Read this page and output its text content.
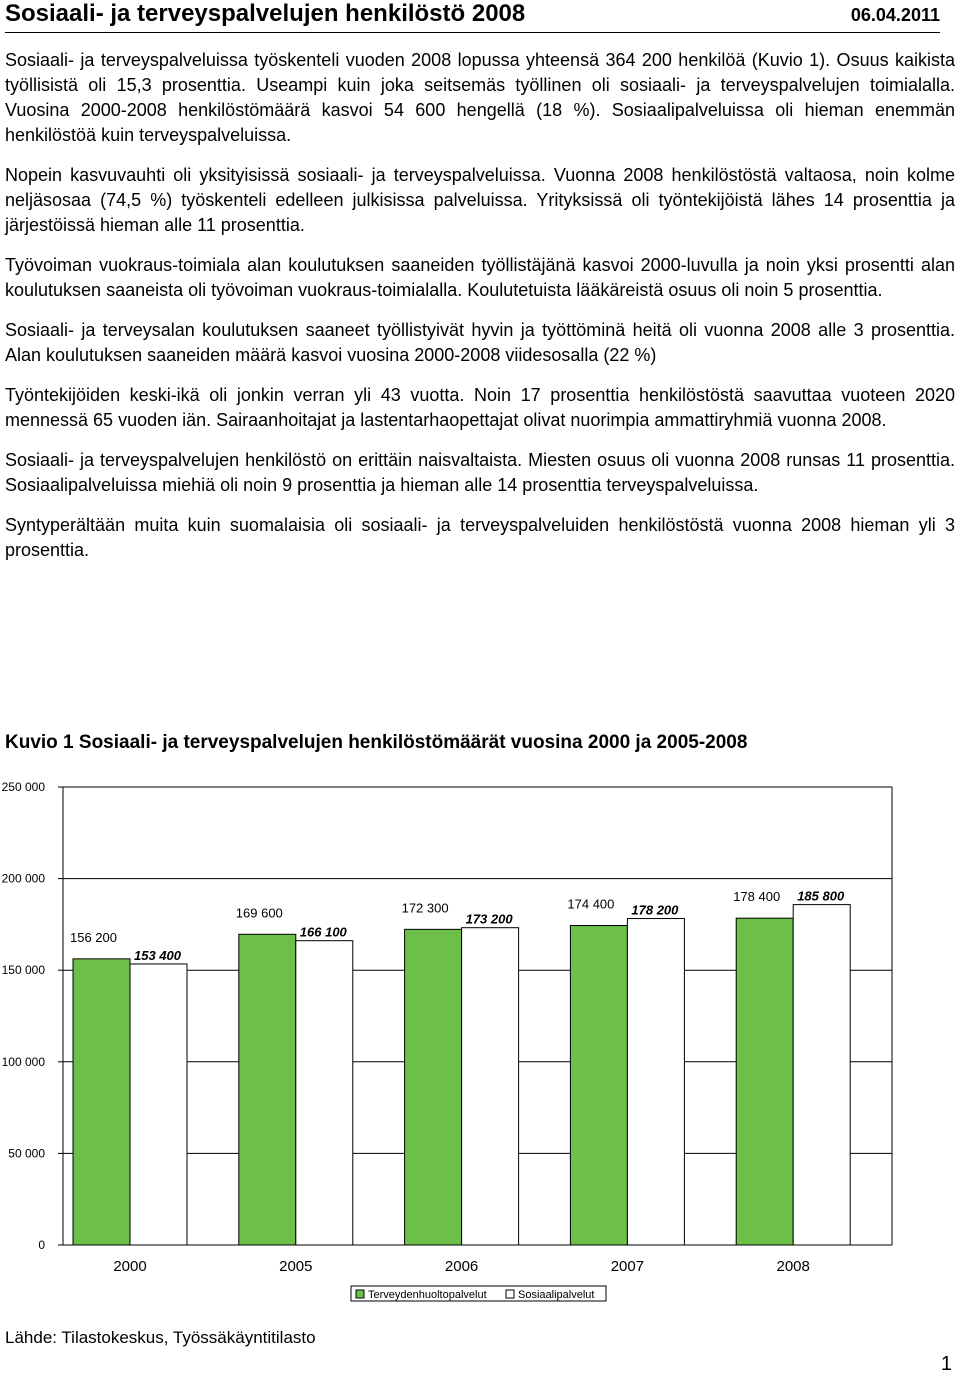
Sosiaali- ja terveyspalvelujen henkilöstö 2008	06.04.2011

Sosiaali- ja terveyspalveluissa työskenteli vuoden 2008 lopussa yhteensä 364 200 henkilöä (Kuvio 1). Osuus kaikista työllisistä oli 15,3 prosenttia. Useampi kuin joka seitsemäs työllinen oli sosiaali- ja terveyspalvelujen toimialalla. Vuosina 2000-2008 henkilöstömäärä kasvoi 54 600 hengellä (18 %). Sosiaalipalveluissa oli hieman enemmän henkilöstöä kuin terveyspalveluissa.

Nopein kasvuvauhti oli yksityisissä sosiaali- ja terveyspalveluissa. Vuonna 2008 henkilöstöstä valtaosa, noin kolme neljäsosaa (74,5 %) työskenteli edelleen julkisissa palveluissa. Yrityksissä oli työntekijöistä lähes 14 prosenttia ja järjestöissä hieman alle 11 prosenttia.

Työvoiman vuokraus-toimiala alan koulutuksen saaneiden työllistäjänä kasvoi 2000-luvulla ja noin yksi prosentti alan koulutuksen saaneista oli työvoiman vuokraus-toimialalla. Koulutetuista lääkäreistä osuus oli noin 5 prosenttia.

Sosiaali- ja terveysalan koulutuksen saaneet työllistyivät hyvin ja työttöminä heitä oli vuonna 2008 alle 3 prosenttia. Alan koulutuksen saaneiden määrä kasvoi vuosina 2000-2008 viidesosalla (22 %)

Työntekijöiden keski-ikä oli jonkin verran yli 43 vuotta. Noin 17 prosenttia henkilöstöstä saavuttaa vuoteen 2020 mennessä 65 vuoden iän. Sairaanhoitajat ja lastentarhaopettajat olivat nuorimpia ammattiryhmiä vuonna 2008.

Sosiaali- ja terveyspalvelujen henkilöstö on erittäin naisvaltaista. Miesten osuus oli vuonna 2008 runsas 11 prosenttia. Sosiaalipalveluissa miehiä oli noin 9 prosenttia ja hieman alle 14 prosenttia terveyspalveluissa.

Syntyperältään muita kuin suomalaisia oli sosiaali- ja terveyspalveluiden henkilöstöstä vuonna 2008 hieman yli 3 prosenttia.

Kuvio 1 Sosiaali- ja terveyspalvelujen henkilöstömäärät vuosina 2000 ja 2005-2008
0
50 000
100 000
150 000
200 000
250 000
156 200
153 400
2000
169 600
166 100
2005
172 300
173 200
2006
174 400 178 200
2007
178 400 185 800
2008
Terveydenhuoltopalvelut	Sosiaalipalvelut
Lähde: Tilastokeskus, Työssäkäyntitilasto
1
